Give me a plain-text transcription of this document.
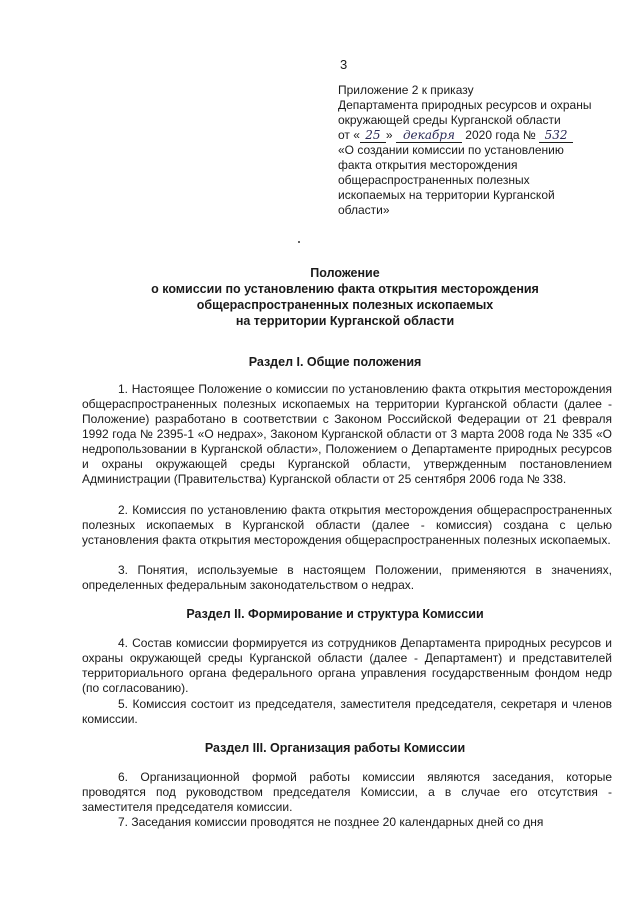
3
Приложение 2 к приказу
Департамента природных ресурсов и охраны
окружающей среды Курганской области
от « 25 » декабря 2020 года № 532
«О создании комиссии по установлению
факта открытия месторождения
общераспространенных полезных
ископаемых на территории Курганской
области»
Положение
о комиссии по установлению факта открытия месторождения
общераспространенных полезных ископаемых
на территории Курганской области
Раздел I. Общие положения
1. Настоящее Положение о комиссии по установлению факта открытия месторождения общераспространенных полезных ископаемых на территории Курганской области (далее - Положение) разработано в соответствии с Законом Российской Федерации от 21 февраля 1992 года № 2395-1 «О недрах», Законом Курганской области от 3 марта 2008 года № 335 «О недропользовании в Курганской области», Положением о Департаменте природных ресурсов и охраны окружающей среды Курганской области, утвержденным постановлением Администрации (Правительства) Курганской области от 25 сентября 2006 года № 338.
2. Комиссия по установлению факта открытия месторождения общераспространенных полезных ископаемых в Курганской области (далее - комиссия) создана с целью установления факта открытия месторождения общераспространенных полезных ископаемых.
3. Понятия, используемые в настоящем Положении, применяются в значениях, определенных федеральным законодательством о недрах.
Раздел II. Формирование и структура Комиссии
4. Состав комиссии формируется из сотрудников Департамента природных ресурсов и охраны окружающей среды Курганской области (далее - Департамент) и представителей территориального органа федерального органа управления государственным фондом недр (по согласованию).
5. Комиссия состоит из председателя, заместителя председателя, секретаря и членов комиссии.
Раздел III. Организация работы Комиссии
6. Организационной формой работы комиссии являются заседания, которые проводятся под руководством председателя Комиссии, а в случае его отсутствия - заместителя председателя комиссии.
7. Заседания комиссии проводятся не позднее 20 календарных дней со дня
